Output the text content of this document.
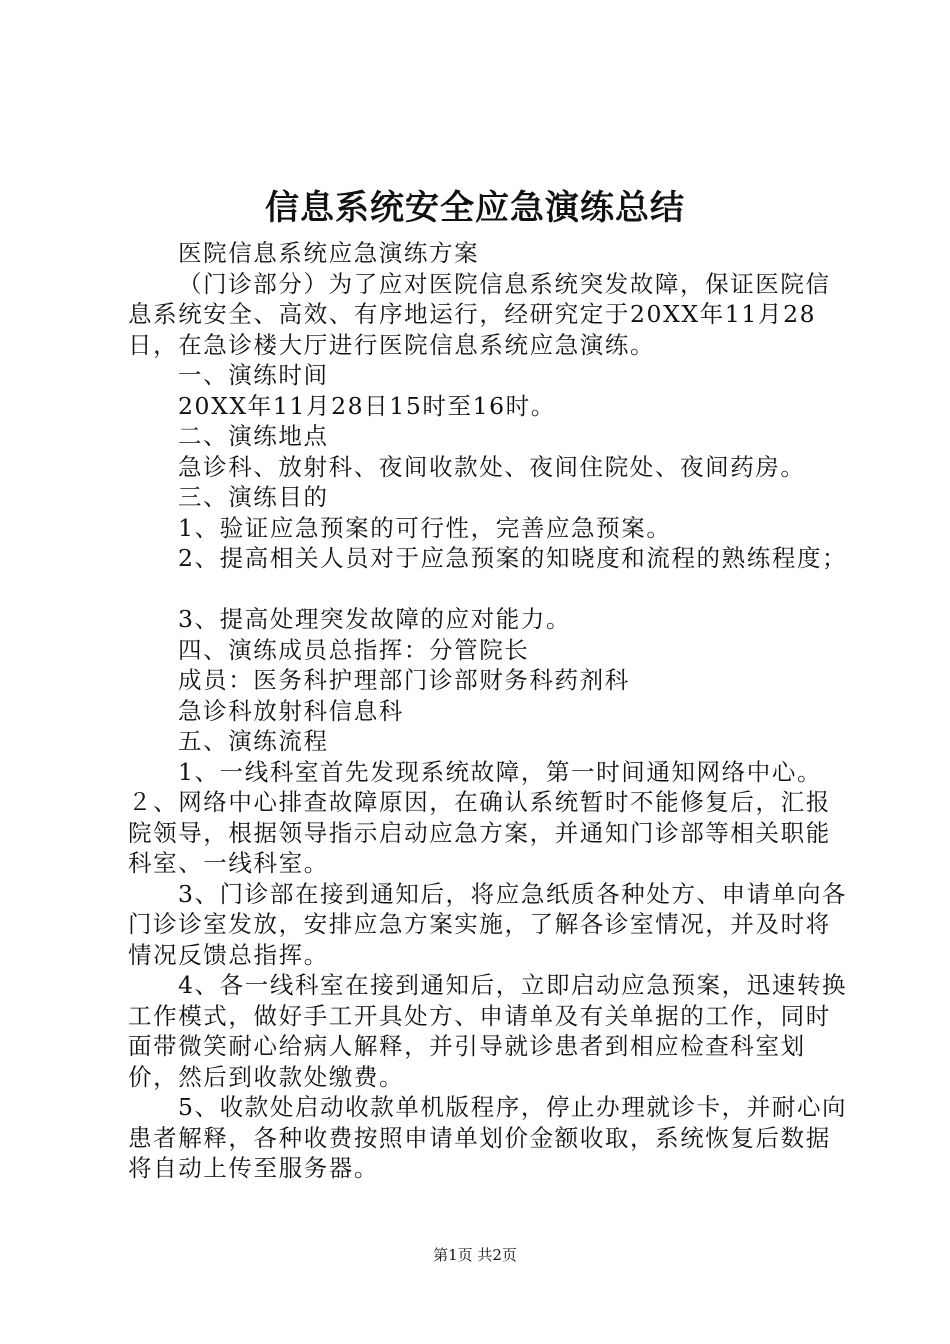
信息系统安全应急演练总结

医院信息系统应急演练方案

（门诊部分）为了应对医院信息系统突发故障，保证医院信息系统安全、高效、有序地运行，经研究定于20XX年11月28日，在急诊楼大厅进行医院信息系统应急演练。

一、演练时间

20XX年11月28日15时至16时。

二、演练地点

急诊科、放射科、夜间收款处、夜间住院处、夜间药房。

三、演练目的

1、验证应急预案的可行性，完善应急预案。

2、提高相关人员对于应急预案的知晓度和流程的熟练程度；

3、提高处理突发故障的应对能力。

四、演练成员总指挥：分管院长

成员：医务科护理部门诊部财务科药剂科

急诊科放射科信息科

五、演练流程

1、一线科室首先发现系统故障，第一时间通知网络中心。

２、网络中心排查故障原因，在确认系统暂时不能修复后，汇报院领导，根据领导指示启动应急方案，并通知门诊部等相关职能科室、一线科室。

3、门诊部在接到通知后，将应急纸质各种处方、申请单向各门诊诊室发放，安排应急方案实施，了解各诊室情况，并及时将情况反馈总指挥。

4、各一线科室在接到通知后，立即启动应急预案，迅速转换工作模式，做好手工开具处方、申请单及有关单据的工作，同时面带微笑耐心给病人解释，并引导就诊患者到相应检查科室划价，然后到收款处缴费。

5、收款处启动收款单机版程序，停止办理就诊卡，并耐心向患者解释，各种收费按照申请单划价金额收取，系统恢复后数据将自动上传至服务器。

第1页 共2页
